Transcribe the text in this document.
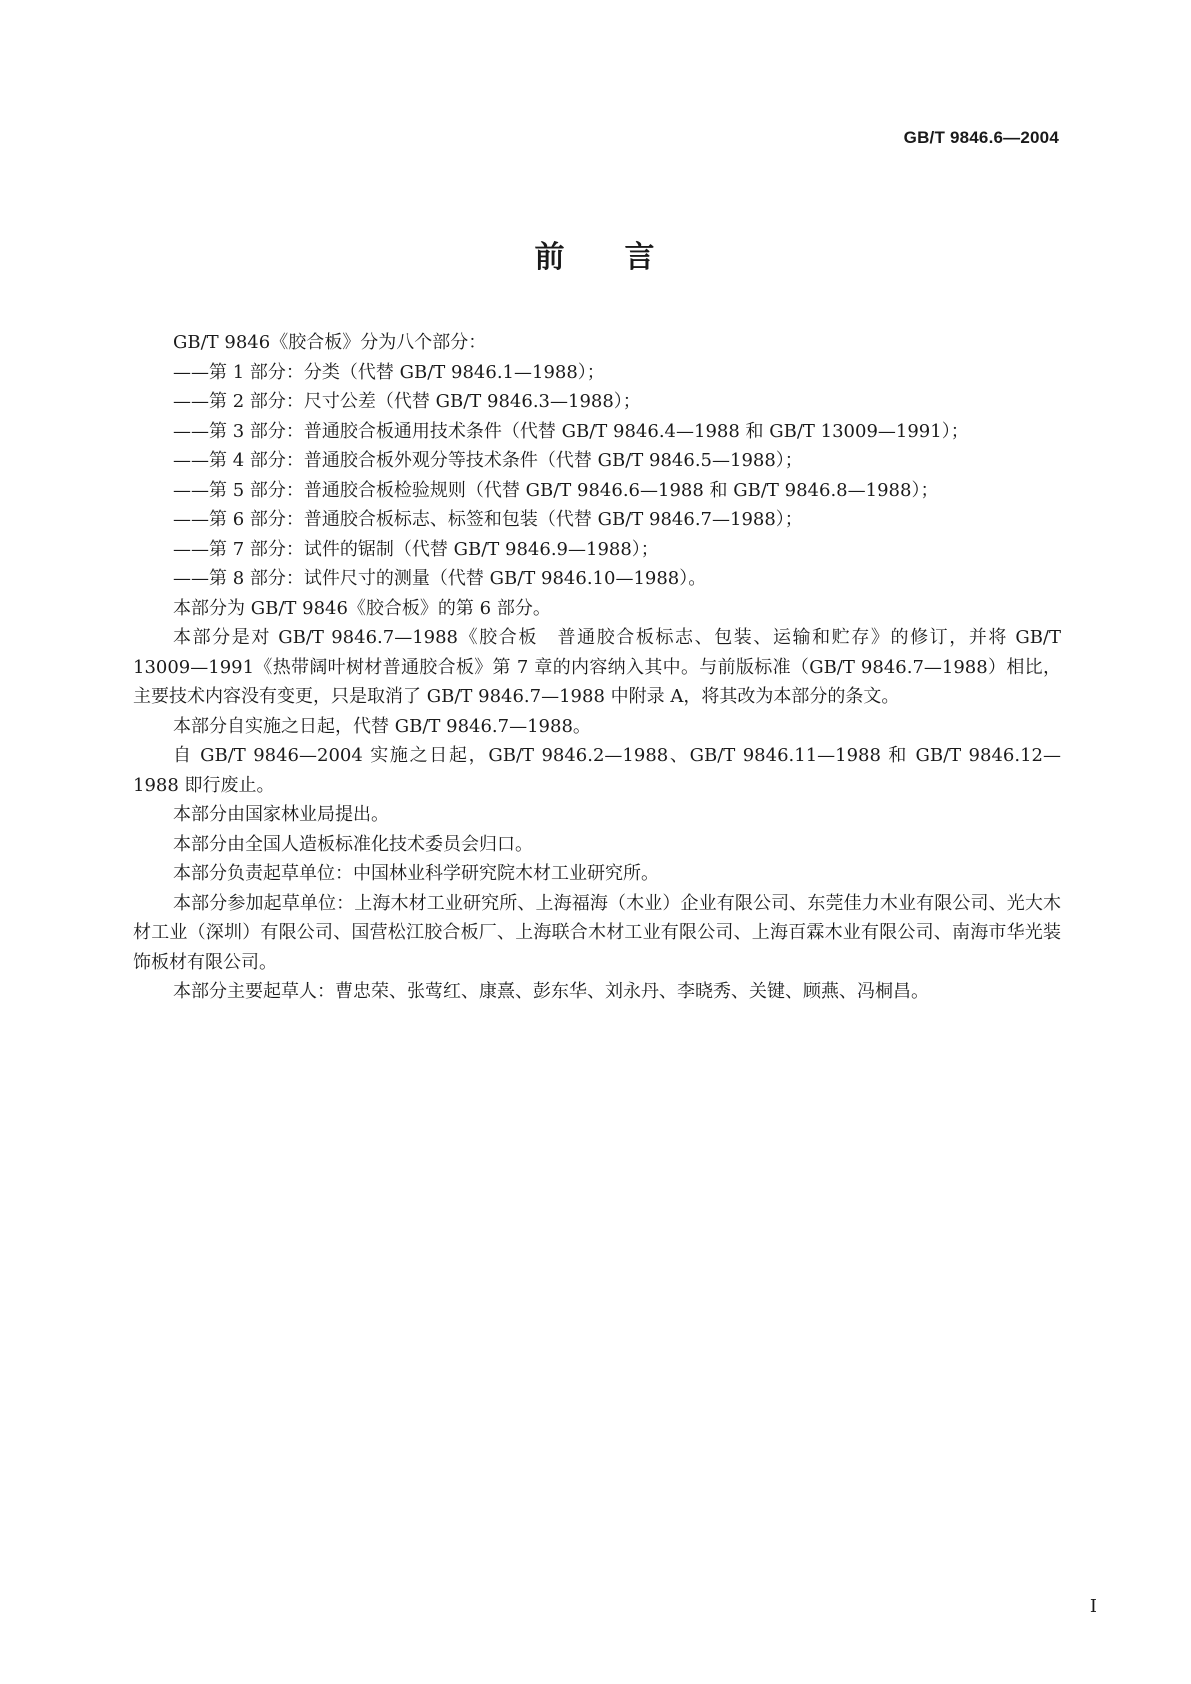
GB/T 9846.6—2004
前 言

GB/T 9846《胶合板》分为八个部分：

——第 1 部分：分类（代替 GB/T 9846.1—1988）；

——第 2 部分：尺寸公差（代替 GB/T 9846.3—1988）；

——第 3 部分：普通胶合板通用技术条件（代替 GB/T 9846.4—1988 和 GB/T 13009—1991）；

——第 4 部分：普通胶合板外观分等技术条件（代替 GB/T 9846.5—1988）；

——第 5 部分：普通胶合板检验规则（代替 GB/T 9846.6—1988 和 GB/T 9846.8—1988）；

——第 6 部分：普通胶合板标志、标签和包装（代替 GB/T 9846.7—1988）；

——第 7 部分：试件的锯制（代替 GB/T 9846.9—1988）；

——第 8 部分：试件尺寸的测量（代替 GB/T 9846.10—1988）。

本部分为 GB/T 9846《胶合板》的第 6 部分。

本部分是对 GB/T 9846.7—1988《胶合板　普通胶合板标志、包装、运输和贮存》的修订，并将 GB/T 13009—1991《热带阔叶树材普通胶合板》第 7 章的内容纳入其中。与前版标准（GB/T 9846.7—1988）相比，主要技术内容没有变更，只是取消了 GB/T 9846.7—1988 中附录 A，将其改为本部分的条文。

本部分自实施之日起，代替 GB/T 9846.7—1988。

自 GB/T 9846—2004 实施之日起，GB/T 9846.2—1988、GB/T 9846.11—1988 和 GB/T 9846.12—1988 即行废止。

本部分由国家林业局提出。

本部分由全国人造板标准化技术委员会归口。

本部分负责起草单位：中国林业科学研究院木材工业研究所。

本部分参加起草单位：上海木材工业研究所、上海福海（木业）企业有限公司、东莞佳力木业有限公司、光大木材工业（深圳）有限公司、国营松江胶合板厂、上海联合木材工业有限公司、上海百霖木业有限公司、南海市华光装饰板材有限公司。

本部分主要起草人：曹忠荣、张莺红、康熹、彭东华、刘永丹、李晓秀、关键、顾燕、冯桐昌。

I
